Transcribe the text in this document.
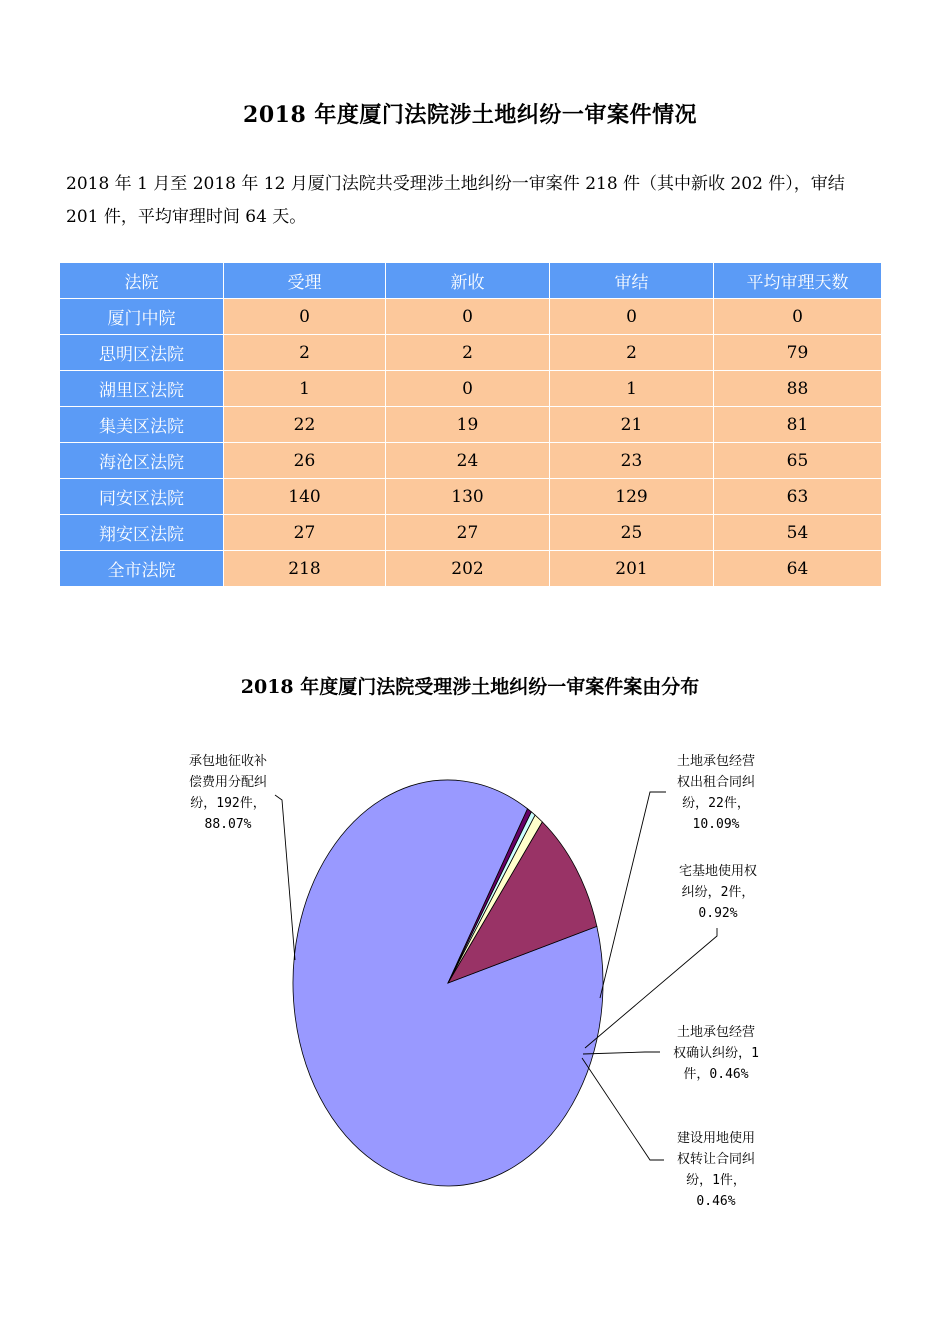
2018 年度厦门法院涉土地纠纷一审案件情况
2018 年 1 月至 2018 年 12 月厦门法院共受理涉土地纠纷一审案件 218 件（其中新收 202 件），审结
201 件，平均审理时间 64 天。
法院	受理	新收	审结	平均审理天数
厦门中院	0	0	0	0
思明区法院	2	2	2	79
湖里区法院	1	0	1	88
集美区法院	22	19	21	81
海沧区法院	26	24	23	65
同安区法院	140	130	129	63
翔安区法院	27	27	25	54
全市法院	218	202	201	64
2018 年度厦门法院受理涉土地纠纷一审案件案由分布
承包地征收补偿费用分配纠纷，192件， 88.07%
土地承包经营权出租合同纠纷，22件， 10.09%
宅基地使用权纠纷，2件， 0.92%
土地承包经营权确认纠纷，1 件，0.46%
建设用地使用权转让合同纠纷，1件， 0.46%
